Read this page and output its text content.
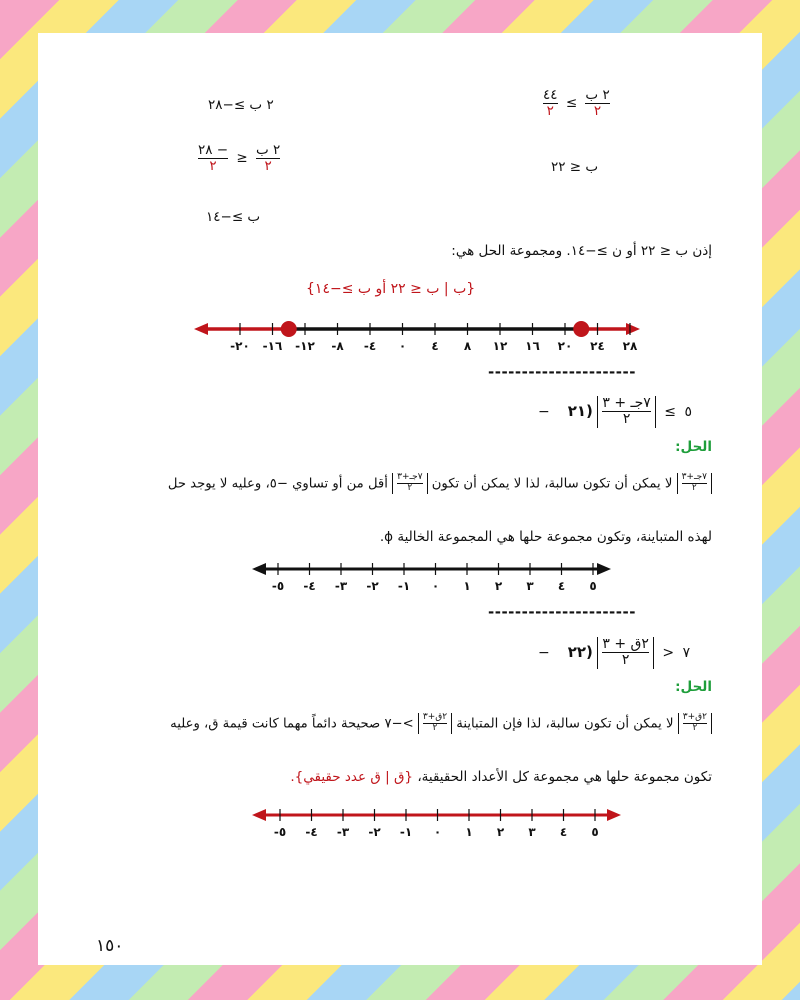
٢ ب ≥−٢٨
$\frac{٢٨ -}{٢} \ge \frac{\text{٢ ب}}{٢}$
ب ≥−١٤
$\frac{٤٤}{٢} \le \frac{\text{٢ ب}}{٢}$
ب ≤ ٢٢
إذن ب ≤ ٢٢ أو ن ≥−١٤. ومجموعة الحل هي:
{ب | ب ≤ ٢٢ أو ب ≥−١٤}
-٢٠ -١٦ -١٢ -٨ -٤ ٠ ٤ ٨ ١٢ ١٦ ٢٠ ٢٤ ٢٨
----------------------
−٥ ≥
$\frac{\text{٧جـ + ٣}}{٢}$
(٢١
الحل:
$\frac{\text{٧جـ+٣}}{٢}$
لا يمكن أن تكون سالبة، لذا لا يمكن أن تكون
$\frac{\text{٧جـ+٣}}{٢}$
أقل من أو تساوي −٥، وعليه لا يوجد حل
لهذه المتباينة، وتكون مجموعة حلها هي المجموعة الخالية ϕ.
-٥ -٤ -٣ -٢ -١ ٠ ١ ٢ ٣ ٤ ٥
----------------------
−٧ <
$\frac{\text{٢ق + ٣}}{٢}$
(٢٢
الحل:
$\frac{\text{٢ق+٣}}{٢}$
لا يمكن أن تكون سالبة، لذا فإن المتباينة
$\frac{\text{٢ق+٣}}{٢}$
>−٧ صحيحة دائماً مهما كانت قيمة ق، وعليه
تكون مجموعة حلها هي مجموعة كل الأعداد الحقيقية، {ق | ق عدد حقيقي}.
-٥ -٤ -٣ -٢ -١ ٠ ١ ٢ ٣ ٤ ٥
١٥٠
